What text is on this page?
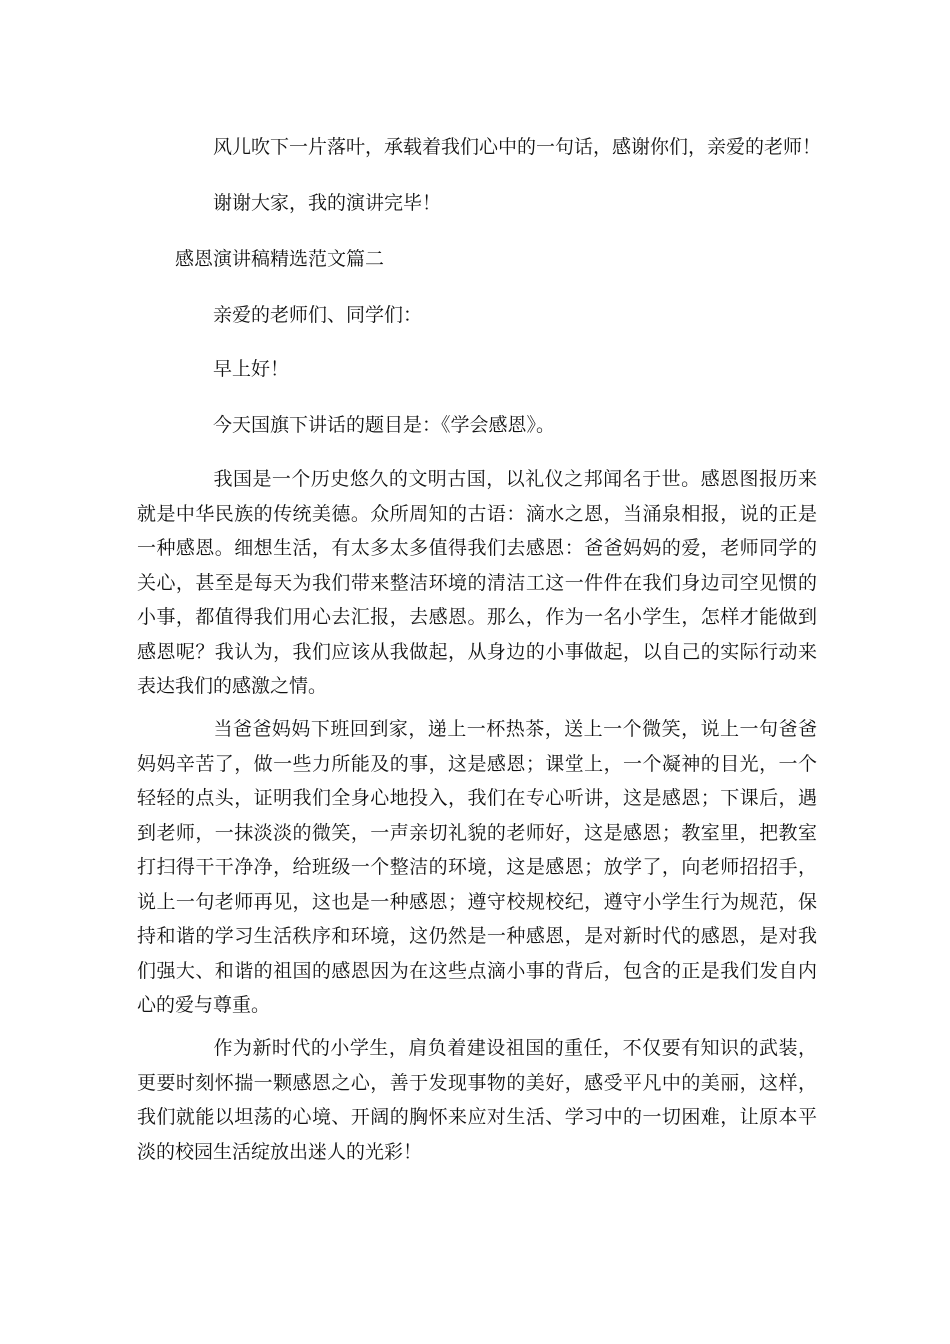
风儿吹下一片落叶，承载着我们心中的一句话，感谢你们，亲爱的老师！
谢谢大家，我的演讲完毕！
感恩演讲稿精选范文篇二
亲爱的老师们、同学们：
早上好！
今天国旗下讲话的题目是：《学会感恩》。
我国是一个历史悠久的文明古国，以礼仪之邦闻名于世。感恩图报历来就是中华民族的传统美德。众所周知的古语：滴水之恩，当涌泉相报，说的正是一种感恩。细想生活，有太多太多值得我们去感恩：爸爸妈妈的爱，老师同学的关心，甚至是每天为我们带来整洁环境的清洁工这一件件在我们身边司空见惯的小事，都值得我们用心去汇报，去感恩。那么，作为一名小学生，怎样才能做到感恩呢？我认为，我们应该从我做起，从身边的小事做起，以自己的实际行动来表达我们的感激之情。
当爸爸妈妈下班回到家，递上一杯热茶，送上一个微笑，说上一句爸爸妈妈辛苦了，做一些力所能及的事，这是感恩；课堂上，一个凝神的目光，一个轻轻的点头，证明我们全身心地投入，我们在专心听讲，这是感恩；下课后，遇到老师，一抹淡淡的微笑，一声亲切礼貌的老师好，这是感恩；教室里，把教室打扫得干干净净，给班级一个整洁的环境，这是感恩；放学了，向老师招招手，说上一句老师再见，这也是一种感恩；遵守校规校纪，遵守小学生行为规范，保持和谐的学习生活秩序和环境，这仍然是一种感恩，是对新时代的感恩，是对我们强大、和谐的祖国的感恩因为在这些点滴小事的背后，包含的正是我们发自内心的爱与尊重。
作为新时代的小学生，肩负着建设祖国的重任，不仅要有知识的武装，更要时刻怀揣一颗感恩之心，善于发现事物的美好，感受平凡中的美丽，这样，我们就能以坦荡的心境、开阔的胸怀来应对生活、学习中的一切困难，让原本平淡的校园生活绽放出迷人的光彩！
